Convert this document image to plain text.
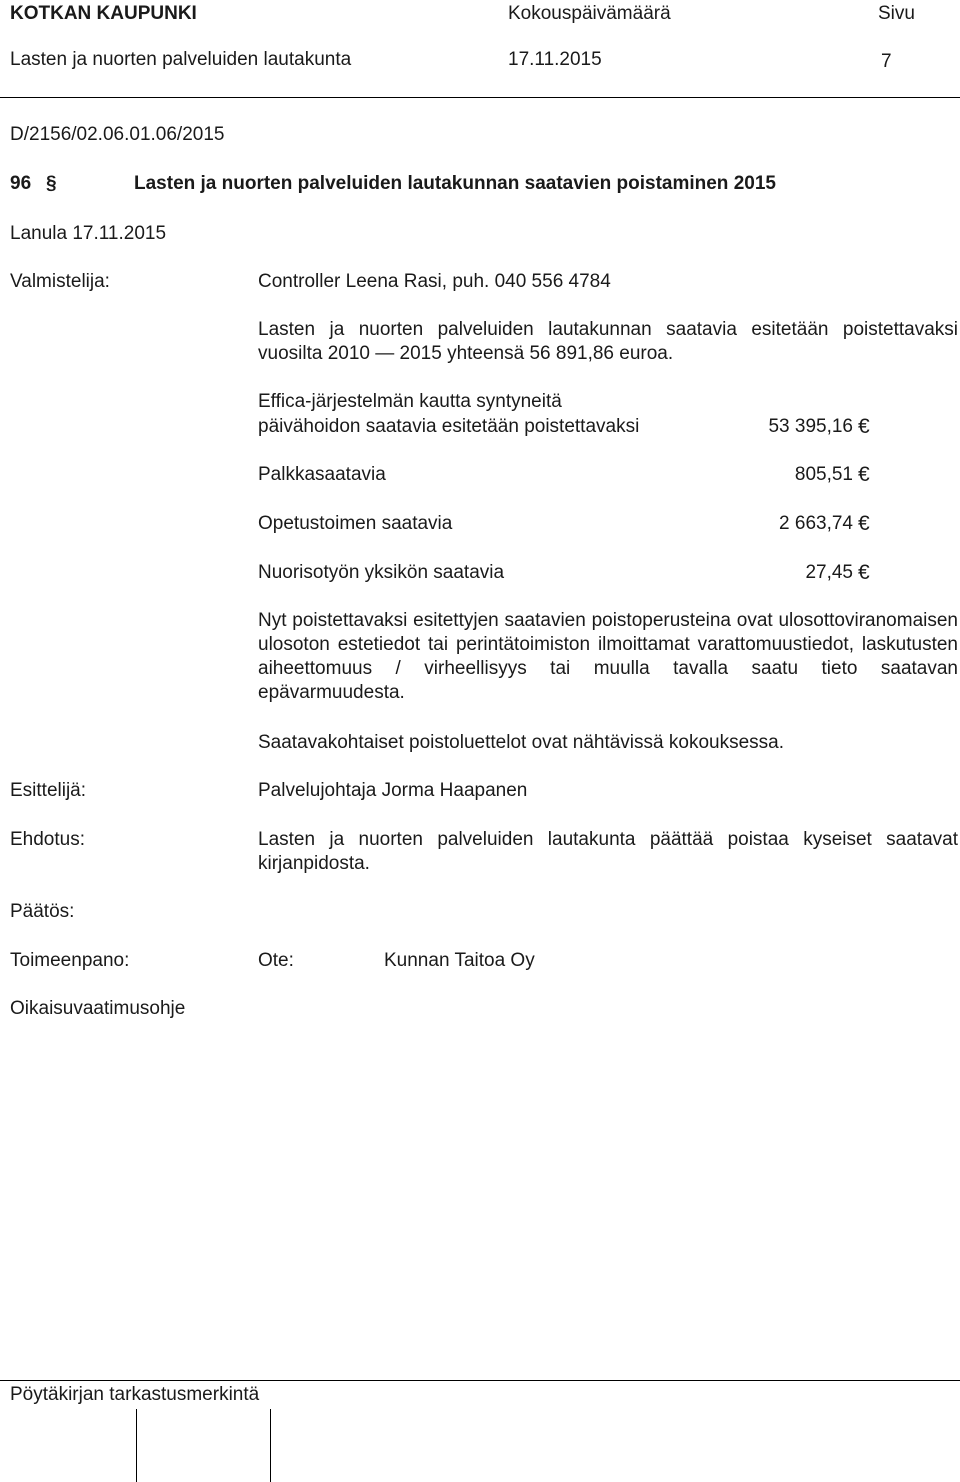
KOTKAN KAUPUNKI	Kokouspäivämäärä	Sivu
Lasten ja nuorten palveluiden lautakunta	17.11.2015	7
D/2156/02.06.01.06/2015
96 §	Lasten ja nuorten palveluiden lautakunnan saatavien poistaminen 2015
Lanula 17.11.2015
Valmistelija:	Controller Leena Rasi, puh. 040 556 4784
Lasten ja nuorten palveluiden lautakunnan saatavia esitetään poistettavaksi vuosilta 2010 — 2015 yhteensä 56 891,86 euroa.
Effica-järjestelmän kautta syntyneitä
päivähoidon saatavia esitetään poistettavaksi	53 395,16 €
Palkkasaatavia	805,51 €
Opetustoimen saatavia	2 663,74 €
Nuorisotyön yksikön saatavia	27,45 €
Nyt poistettavaksi esitettyjen saatavien poistoperusteina ovat ulosottoviranomaisen ulosoton estetiedot tai perintätoimiston ilmoittamat varattomuustiedot, laskutusten aiheettomuus / virheellisyys tai muulla tavalla saatu tieto saatavan epävarmuudesta.
Saatavakohtaiset poistoluettelot ovat nähtävissä kokouksessa.
Esittelijä:	Palvelujohtaja Jorma Haapanen
Ehdotus:	Lasten ja nuorten palveluiden lautakunta päättää poistaa kyseiset saatavat kirjanpidosta.
Päätös:
Toimeenpano:	Ote:	Kunnan Taitoa Oy
Oikaisuvaatimusohje
Pöytäkirjan tarkastusmerkintä
